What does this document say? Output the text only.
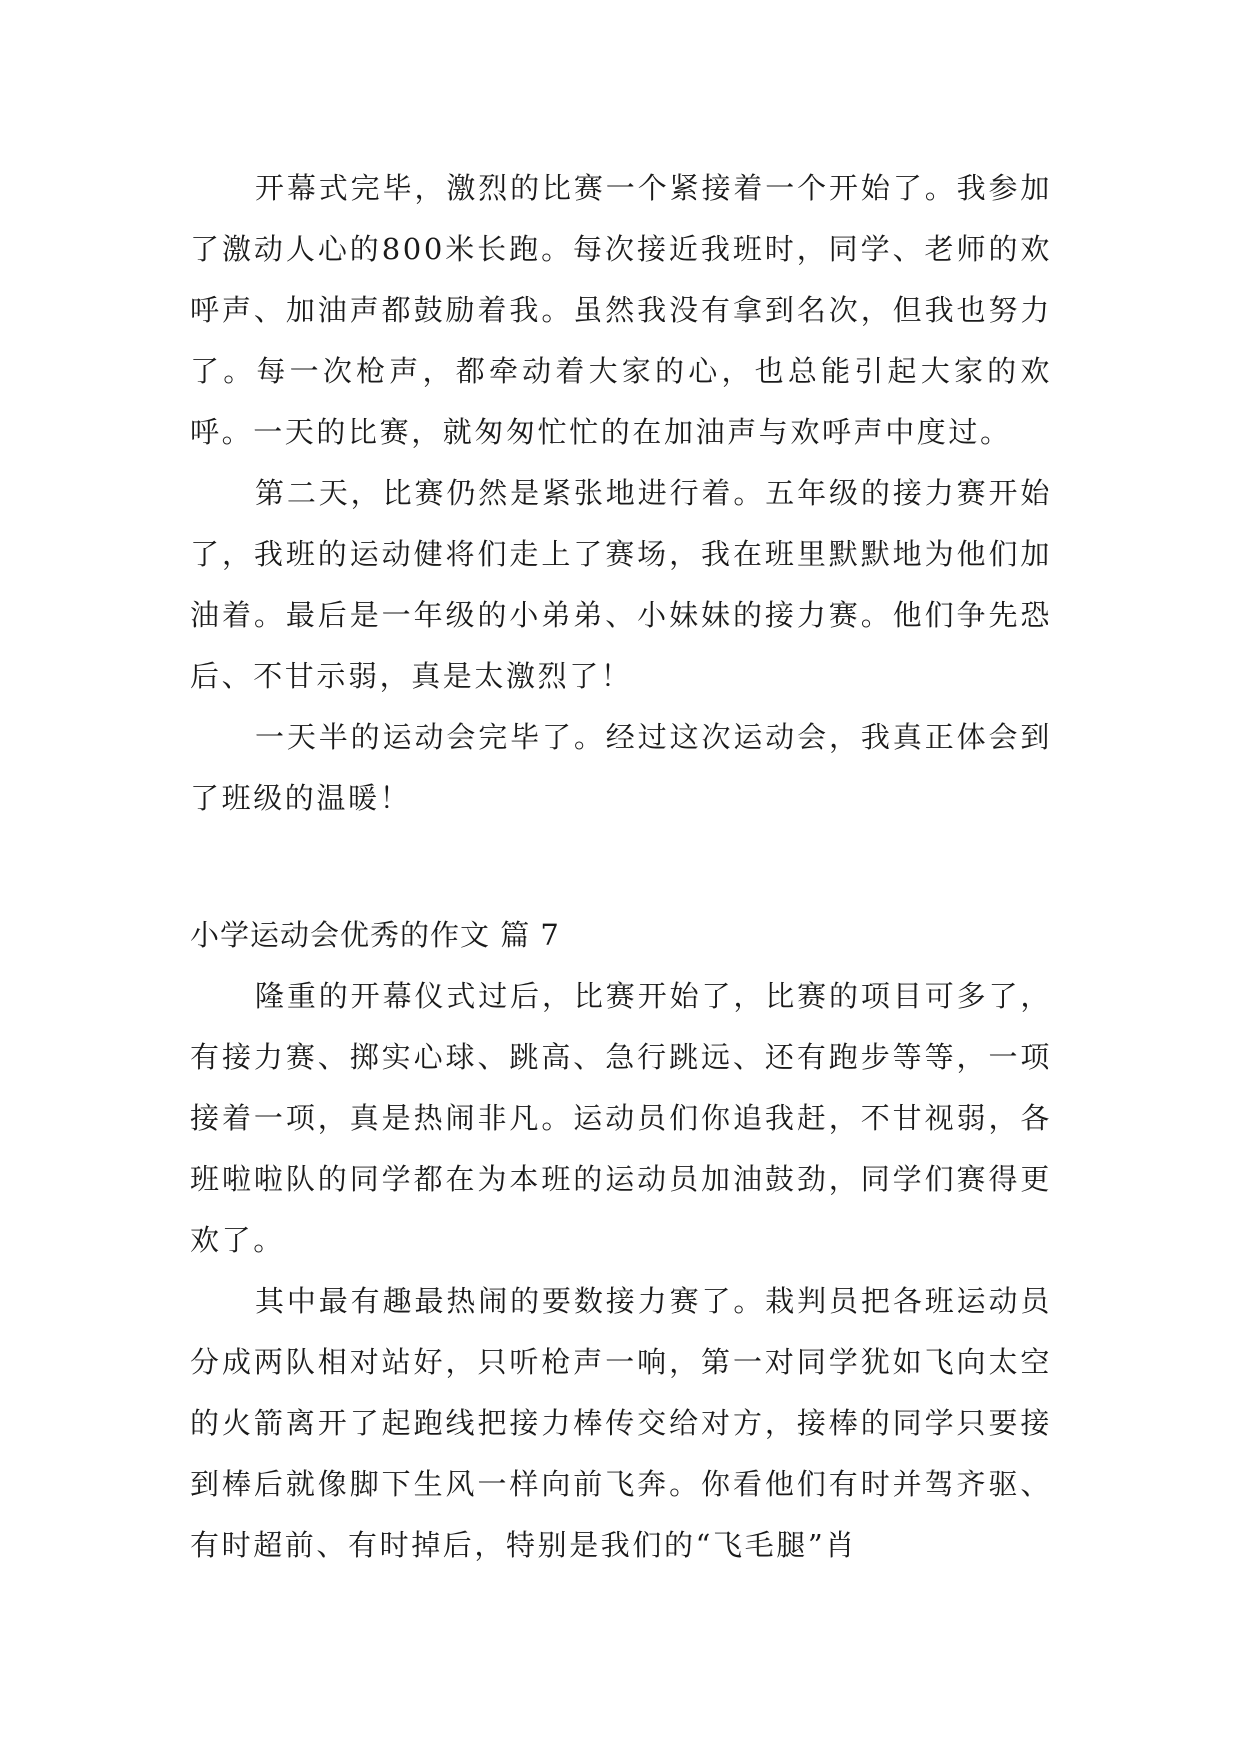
开幕式完毕，激烈的比赛一个紧接着一个开始了。我参加了激动人心的800米长跑。每次接近我班时，同学、老师的欢呼声、加油声都鼓励着我。虽然我没有拿到名次，但我也努力了。每一次枪声，都牵动着大家的心，也总能引起大家的欢呼。一天的比赛，就匆匆忙忙的在加油声与欢呼声中度过。

第二天，比赛仍然是紧张地进行着。五年级的接力赛开始了，我班的运动健将们走上了赛场，我在班里默默地为他们加油着。最后是一年级的小弟弟、小妹妹的接力赛。他们争先恐后、不甘示弱，真是太激烈了！

一天半的运动会完毕了。经过这次运动会，我真正体会到了班级的温暖！

小学运动会优秀的作文 篇 7

隆重的开幕仪式过后，比赛开始了，比赛的项目可多了，有接力赛、掷实心球、跳高、急行跳远、还有跑步等等，一项接着一项，真是热闹非凡。运动员们你追我赶，不甘视弱，各班啦啦队的同学都在为本班的运动员加油鼓劲，同学们赛得更欢了。

其中最有趣最热闹的要数接力赛了。栽判员把各班运动员分成两队相对站好，只听枪声一响，第一对同学犹如飞向太空的火箭离开了起跑线把接力棒传交给对方，接棒的同学只要接到棒后就像脚下生风一样向前飞奔。你看他们有时并驾齐驱、有时超前、有时掉后，特别是我们的“飞毛腿”肖
